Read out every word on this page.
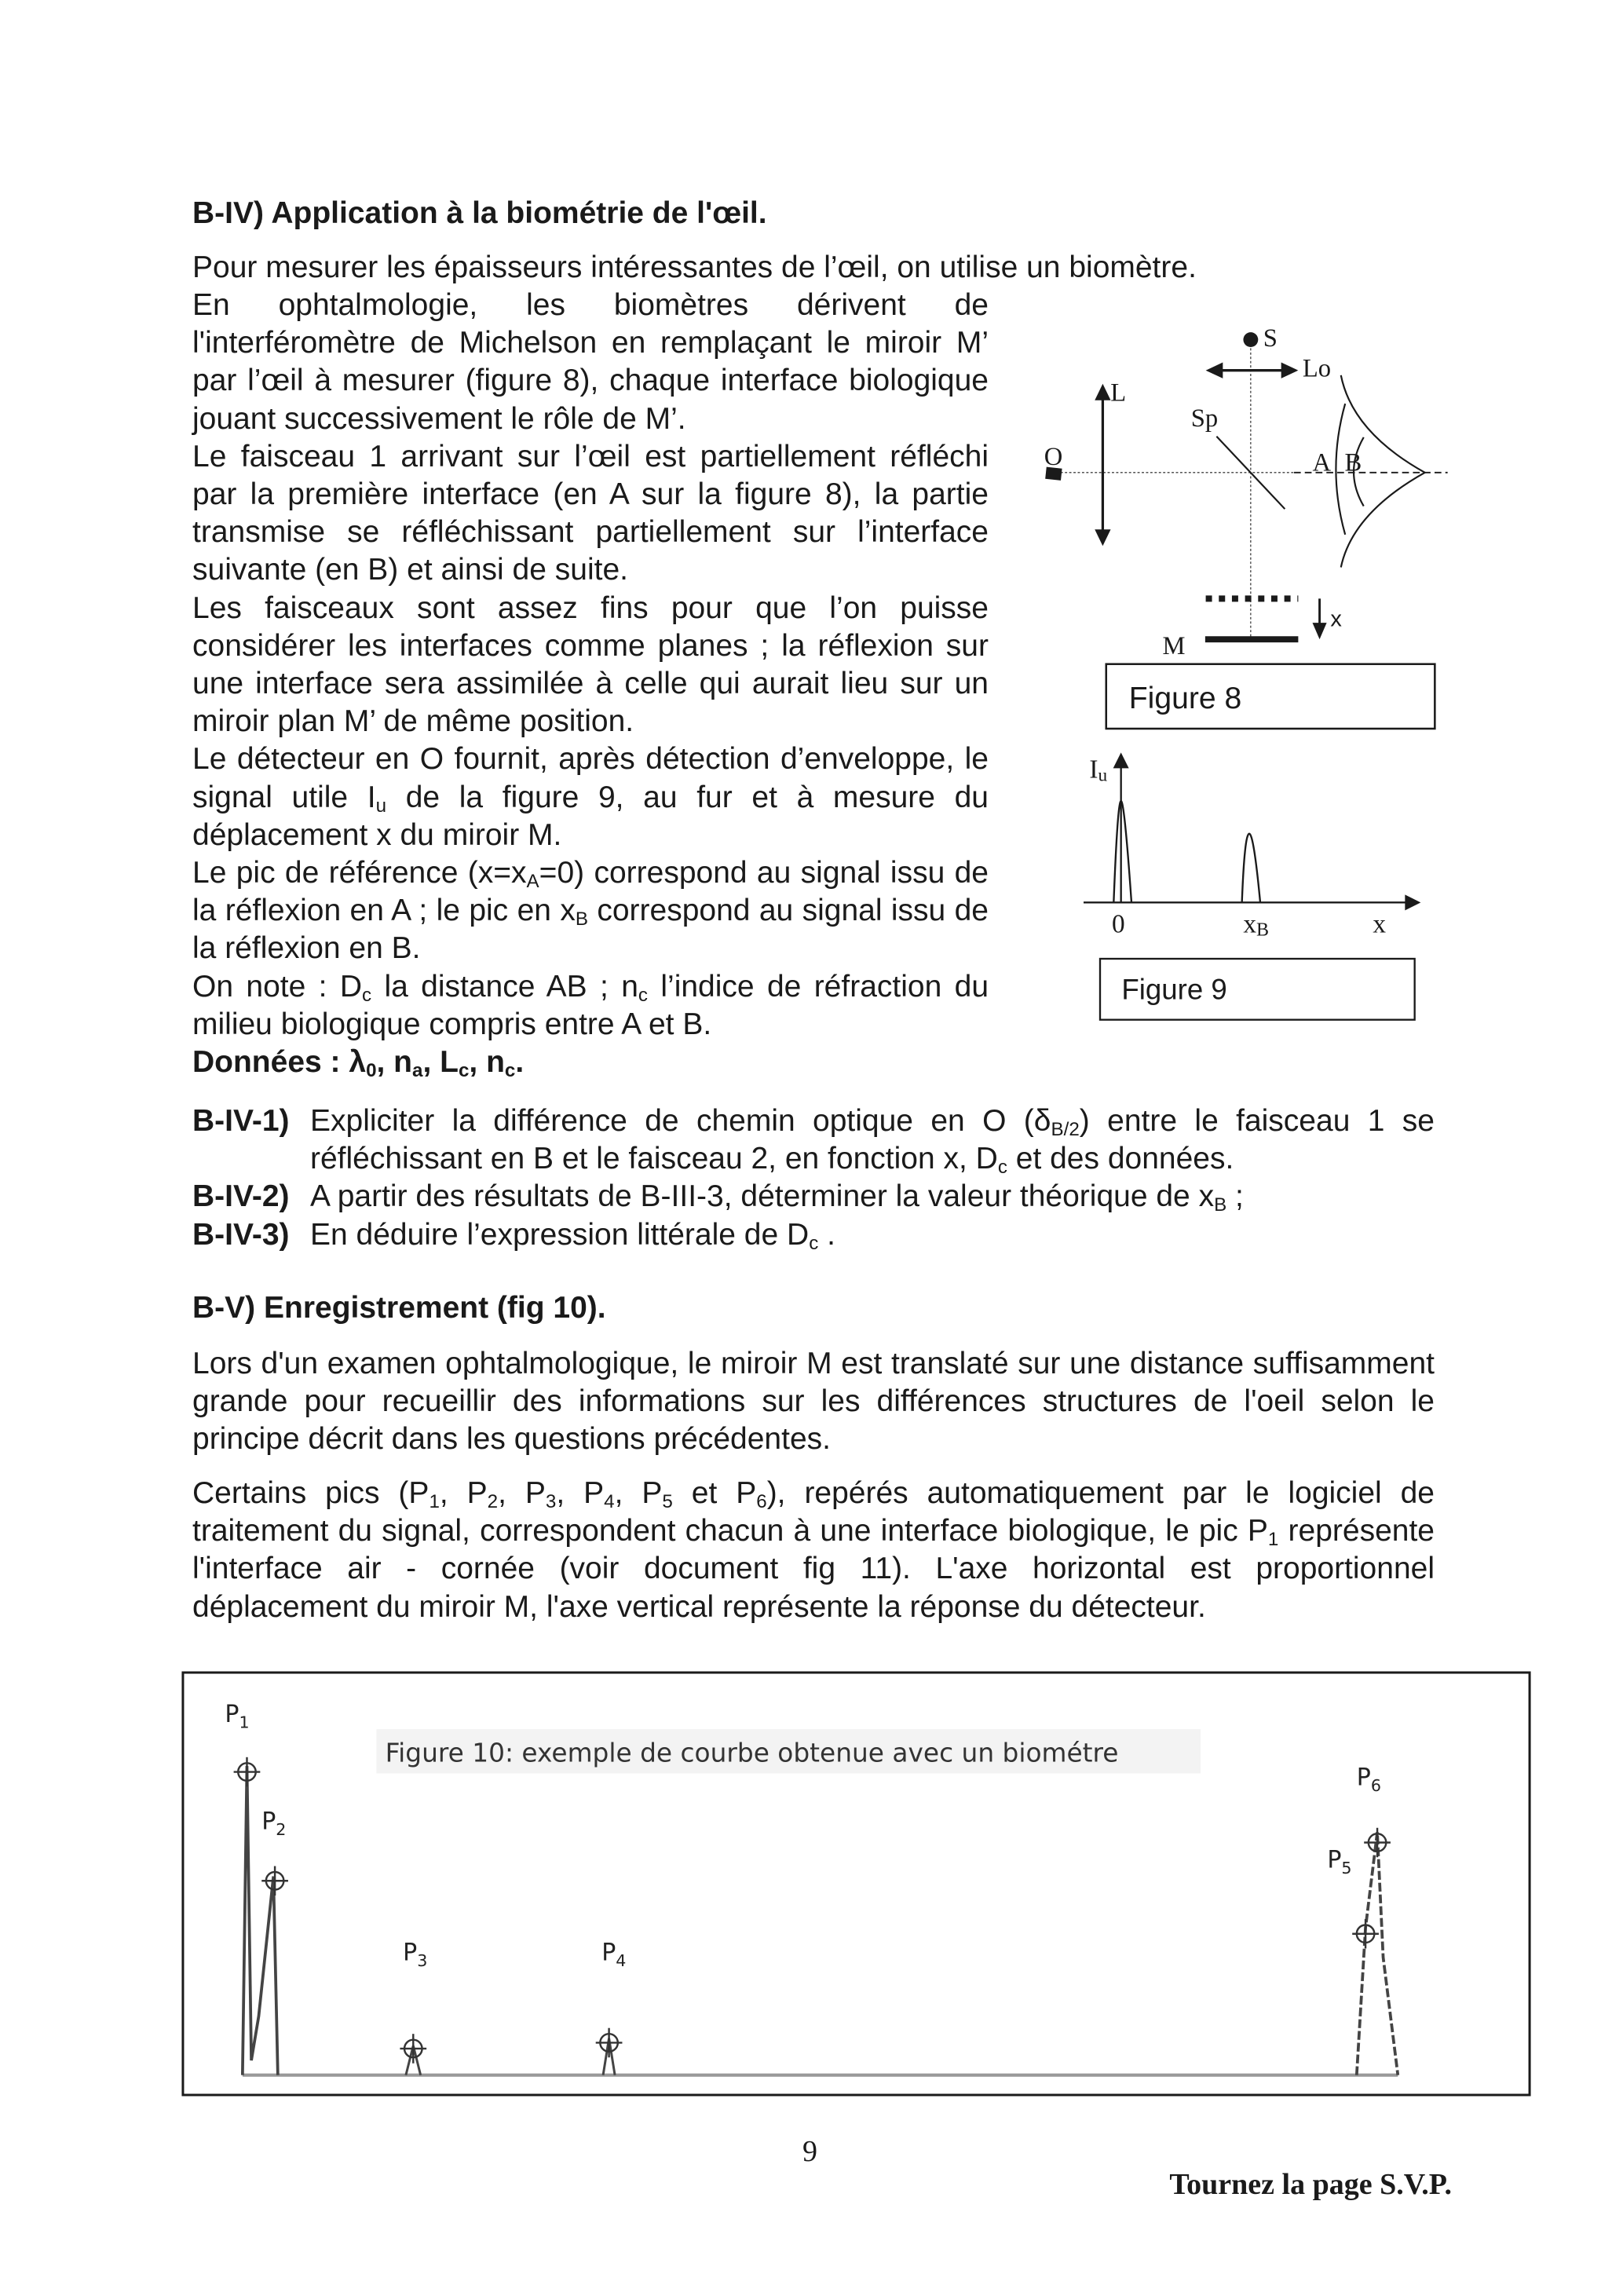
B-IV) Application à la biométrie de l'œil.
Pour mesurer les épaisseurs intéressantes de l’œil, on utilise un biomètre.

En ophtalmologie, les biomètres dérivent de l'interféromètre de Michelson en remplaçant le miroir M’ par l’œil à mesurer (figure 8), chaque interface biologique jouant successivement le rôle de M’.

Le faisceau 1 arrivant sur l’œil est partiellement réfléchi par la première interface (en A sur la figure 8), la partie transmise se réfléchissant partiellement sur l’interface suivante (en B) et ainsi de suite.

Les faisceaux sont assez fins pour que l’on puisse considérer les interfaces comme planes ; la réflexion sur une interface sera assimilée à celle qui aurait lieu sur un miroir plan M’ de même position.

Le détecteur en O fournit, après détection d’enveloppe, le signal utile $I_u$ de la figure 9, au fur et à mesure du déplacement x du miroir M.

Le pic de référence $(x=x_A=0)$ correspond au signal issu de la réflexion en A ; le pic en $x_B$ correspond au signal issu de la réflexion en B.

On note : $D_c$ la distance AB ; $n_c$ l’indice de réfraction du milieu biologique compris entre A et B.

Données : $\lambda_0$, $n_a$, $L_c$, $n_c$.

B-IV-1) Expliciter la différence de chemin optique en O $(\delta_{B/2})$ entre le faisceau 1 se réfléchissant en B et le faisceau 2, en fonction x, $D_c$ et des données.

B-IV-2) A partir des résultats de B-III-3, déterminer la valeur théorique de $x_B$ ;

B-IV-3) En déduire l’expression littérale de $D_c$ .

B-V) Enregistrement (fig 10).
Lors d'un examen ophtalmologique, le miroir M est translaté sur une distance suffisamment grande pour recueillir des informations sur les différences structures de l'oeil selon le principe décrit dans les questions précédentes.
Certains pics ($P_1$, $P_2$, $P_3$, $P_4$, $P_5$ et $P_6$), repérés automatiquement par le logiciel de traitement du signal, correspondent chacun à une interface biologique, le pic $P_1$ représente l'interface air - cornée (voir document fig 11). L'axe horizontal est proportionnel déplacement du miroir M, l'axe vertical représente la réponse du détecteur.
S
Lo
L
Sp
O	A B
M
x
Figure 8
Iu
0 xB x
Figure 9
Figure 10: exemple de courbe obtenue avec un biométre
$P_1$
$P_2$
$P_3$	$P_4$
$P_5$
$P_6$
9
Tournez la page S.V.P.
